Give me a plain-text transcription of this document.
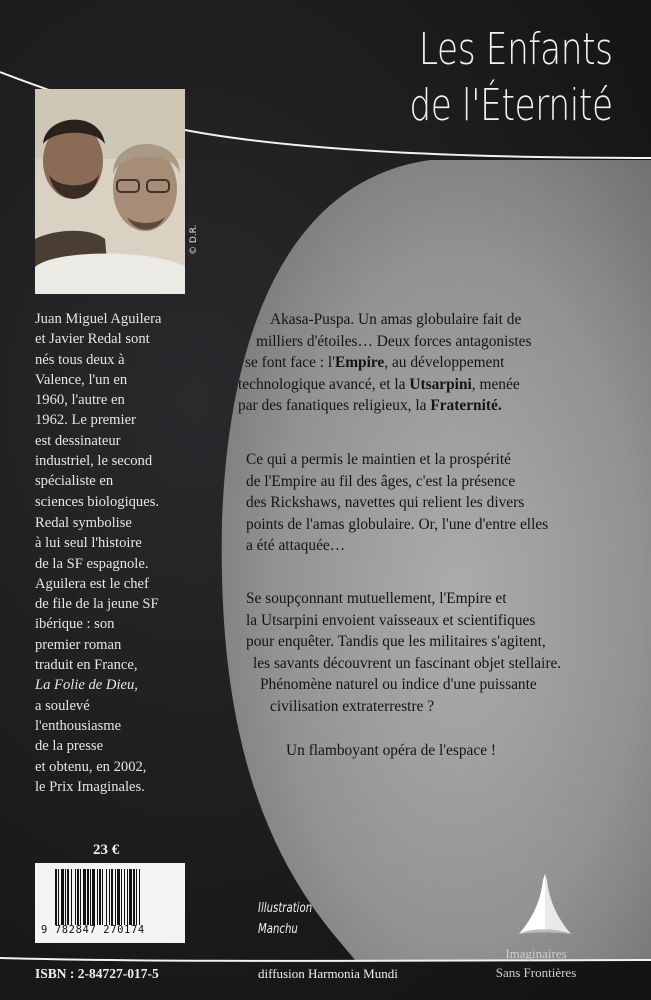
Les Enfants
de l'Éternité
© D.R.

Juan Miguel Aguilera

et Javier Redal sont

nés tous deux à

Valence, l'un en

1960, l'autre en

1962. Le premier

est dessinateur

industriel, le second

spécialiste en

sciences biologiques.

Redal symbolise

à lui seul l'histoire

de la SF espagnole.

Aguilera est le chef

de file de la jeune SF

ibérique : son

premier roman

traduit en France,

La Folie de Dieu,

a soulevé

l'enthousiasme

de la presse

et obtenu, en 2002,

le Prix Imaginales.

Akasa-Puspa. Un amas globulaire fait de

milliers d'étoiles… Deux forces antagonistes

se font face : l'Empire, au développement

technologique avancé, et la Utsarpini, menée

par des fanatiques religieux, la Fraternité.

Ce qui a permis le maintien et la prospérité

de l'Empire au fil des âges, c'est la présence

des Rickshaws, navettes qui relient les divers

points de l'amas globulaire. Or, l'une d'entre elles

a été attaquée…

Se soupçonnant mutuellement, l'Empire et

la Utsarpini envoient vaisseaux et scientifiques

pour enquêter. Tandis que les militaires s'agitent,

les savants découvrent un fascinant objet stellaire.

Phénomène naturel ou indice d'une puissante

civilisation extraterrestre ?

Un flamboyant opéra de l'espace !

23 €
9 782847 270174
ISBN : 2-84727-017-5
Illustration
Manchu
diffusion Harmonia Mundi
Imaginaires
Sans Frontières
